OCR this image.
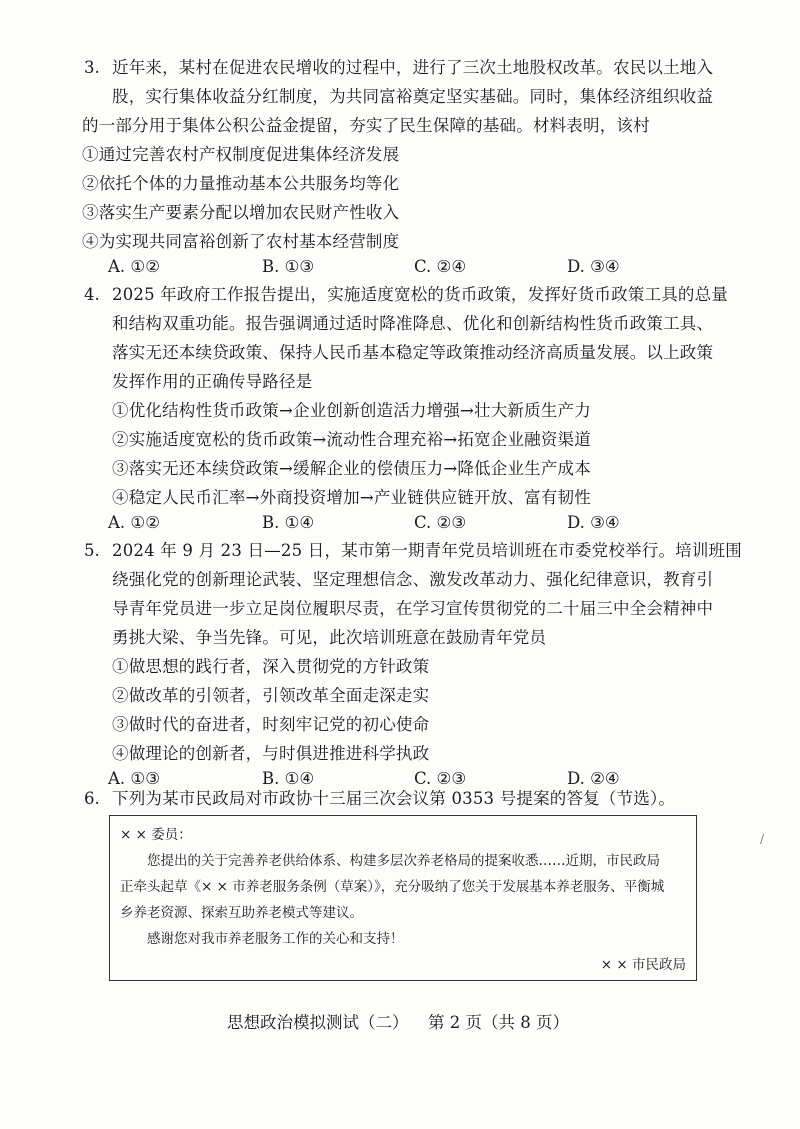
3. 近年来，某村在促进农民增收的过程中，进行了三次土地股权改革。农民以土地入
股，实行集体收益分红制度，为共同富裕奠定坚实基础。同时，集体经济组织收益
的一部分用于集体公积公益金提留，夯实了民生保障的基础。材料表明，该村
①通过完善农村产权制度促进集体经济发展
②依托个体的力量推动基本公共服务均等化
③落实生产要素分配以增加农民财产性收入
④为实现共同富裕创新了农村基本经营制度
A. ①②	B. ①③	C. ②④	D. ③④
4. 2025 年政府工作报告提出，实施适度宽松的货币政策，发挥好货币政策工具的总量
和结构双重功能。报告强调通过适时降准降息、优化和创新结构性货币政策工具、
落实无还本续贷政策、保持人民币基本稳定等政策推动经济高质量发展。以上政策
发挥作用的正确传导路径是
①优化结构性货币政策→企业创新创造活力增强→壮大新质生产力
②实施适度宽松的货币政策→流动性合理充裕→拓宽企业融资渠道
③落实无还本续贷政策→缓解企业的偿债压力→降低企业生产成本
④稳定人民币汇率→外商投资增加→产业链供应链开放、富有韧性
A. ①②	B. ①④	C. ②③	D. ③④
5. 2024 年 9 月 23 日—25 日，某市第一期青年党员培训班在市委党校举行。培训班围
绕强化党的创新理论武装、坚定理想信念、激发改革动力、强化纪律意识，教育引
导青年党员进一步立足岗位履职尽责，在学习宣传贯彻党的二十届三中全会精神中
勇挑大梁、争当先锋。可见，此次培训班意在鼓励青年党员
①做思想的践行者，深入贯彻党的方针政策
②做改革的引领者，引领改革全面走深走实
③做时代的奋进者，时刻牢记党的初心使命
④做理论的创新者，与时俱进推进科学执政
A. ①③	B. ①④	C. ②③	D. ②④
6. 下列为某市民政局对市政协十三届三次会议第 0353 号提案的答复（节选）。
× × 委员：
您提出的关于完善养老供给体系、构建多层次养老格局的提案收悉……近期，市民政局
正牵头起草《× × 市养老服务条例（草案）》，充分吸纳了您关于发展基本养老服务、平衡城
乡养老资源、探索互助养老模式等建议。
感谢您对我市养老服务工作的关心和支持！
× × 市民政局
/
思想政治模拟测试（二） 第 2 页（共 8 页）
